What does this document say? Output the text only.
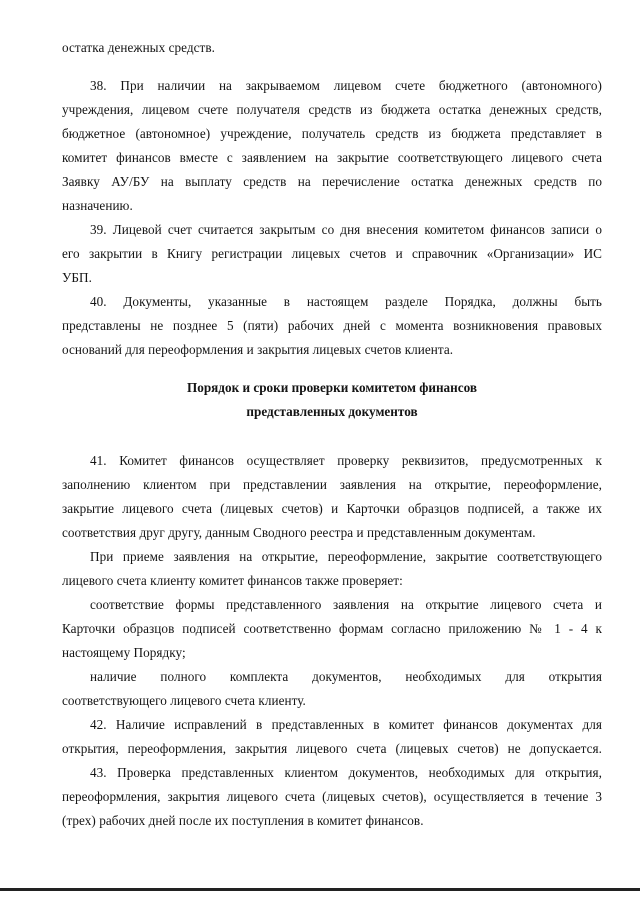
остатка денежных средств.
38. При наличии на закрываемом лицевом счете бюджетного (автономного)
учреждения, лицевом счете получателя средств из бюджета остатка денежных средств,
бюджетное (автономное) учреждение, получатель средств из бюджета представляет в
комитет финансов вместе с заявлением на закрытие соответствующего лицевого счета
Заявку АУ/БУ на выплату средств на перечисление остатка денежных средств по
назначению.
39. Лицевой счет считается закрытым со дня внесения комитетом финансов записи о
его закрытии в Книгу регистрации лицевых счетов и справочник «Организации» ИС
УБП.
40. Документы, указанные в настоящем разделе Порядка, должны быть
представлены не позднее 5 (пяти) рабочих дней с момента возникновения правовых
оснований для переоформления и закрытия лицевых счетов клиента.
Порядок и сроки проверки комитетом финансов
представленных документов
41. Комитет финансов осуществляет проверку реквизитов, предусмотренных к
заполнению клиентом при представлении заявления на открытие, переоформление,
закрытие лицевого счета (лицевых счетов) и Карточки образцов подписей, а также их
соответствия друг другу, данным Сводного реестра и представленным документам.
При приеме заявления на открытие, переоформление, закрытие соответствующего
лицевого счета клиенту комитет финансов также проверяет:
соответствие формы представленного заявления на открытие лицевого счета и
Карточки образцов подписей соответственно формам согласно приложению № 1 - 4 к
настоящему Порядку;
наличие полного комплекта документов, необходимых для открытия
соответствующего лицевого счета клиенту.
42. Наличие исправлений в представленных в комитет финансов документах для
открытия, переоформления, закрытия лицевого счета (лицевых счетов) не допускается.
43. Проверка представленных клиентом документов, необходимых для открытия,
переоформления, закрытия лицевого счета (лицевых счетов), осуществляется в течение 3
(трех) рабочих дней после их поступления в комитет финансов.
